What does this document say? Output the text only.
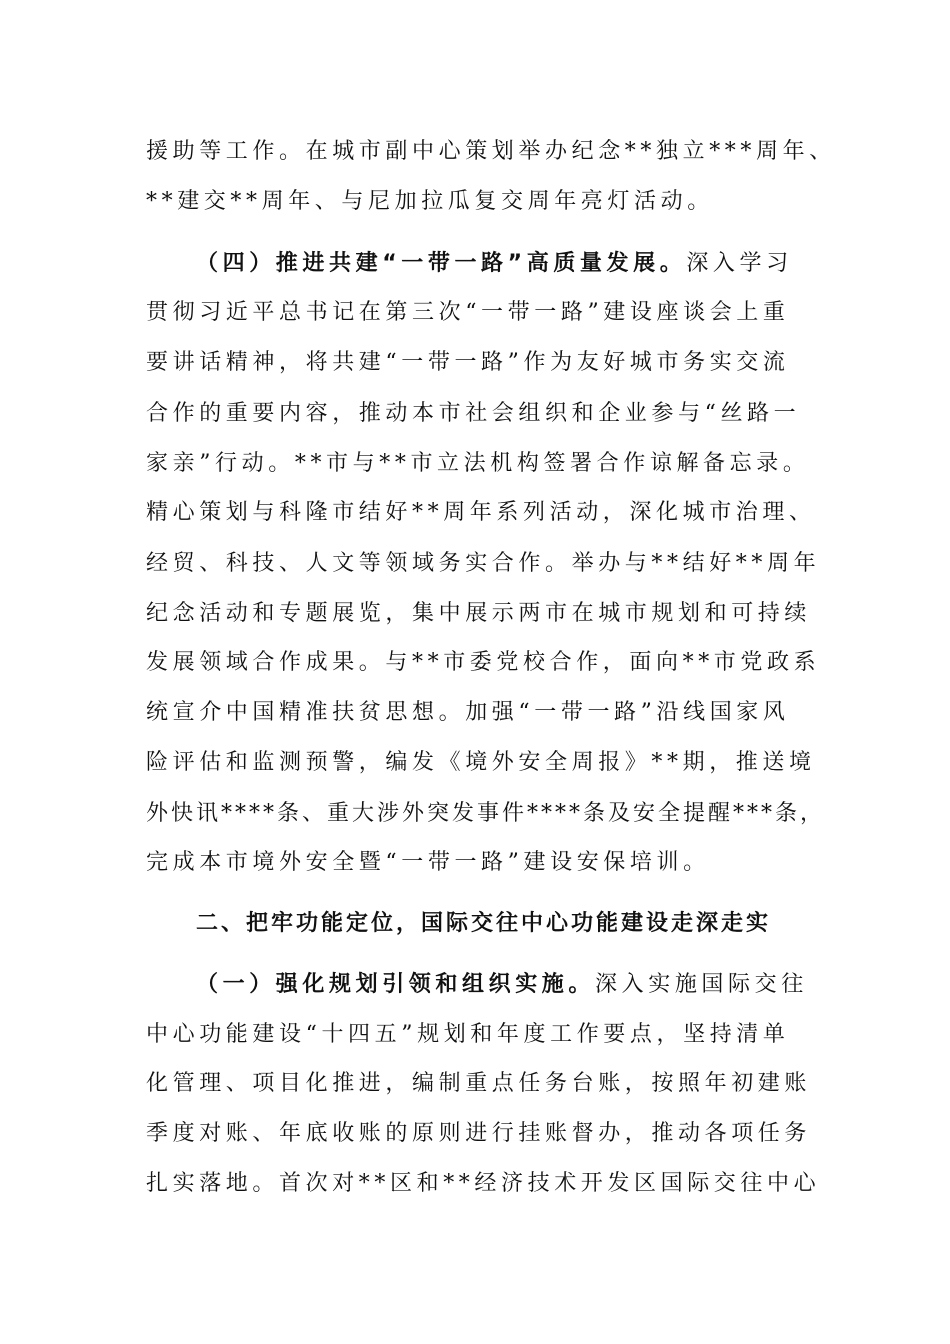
援助等工作。在城市副中心策划举办纪念**独立***周年、
**建交**周年、与尼加拉瓜复交周年亮灯活动。
（四）推进共建“一带一路”高质量发展。深入学习
贯彻习近平总书记在第三次“一带一路”建设座谈会上重
要讲话精神，将共建“一带一路”作为友好城市务实交流
合作的重要内容，推动本市社会组织和企业参与“丝路一
家亲”行动。**市与**市立法机构签署合作谅解备忘录。
精心策划与科隆市结好**周年系列活动，深化城市治理、
经贸、科技、人文等领域务实合作。举办与**结好**周年
纪念活动和专题展览，集中展示两市在城市规划和可持续
发展领域合作成果。与**市委党校合作，面向**市党政系
统宣介中国精准扶贫思想。加强“一带一路”沿线国家风
险评估和监测预警，编发《境外安全周报》**期，推送境
外快讯****条、重大涉外突发事件****条及安全提醒***条，
完成本市境外安全暨“一带一路”建设安保培训。
二、把牢功能定位，国际交往中心功能建设走深走实
（一）强化规划引领和组织实施。深入实施国际交往
中心功能建设“十四五”规划和年度工作要点，坚持清单
化管理、项目化推进，编制重点任务台账，按照年初建账
季度对账、年底收账的原则进行挂账督办，推动各项任务
扎实落地。首次对**区和**经济技术开发区国际交往中心
